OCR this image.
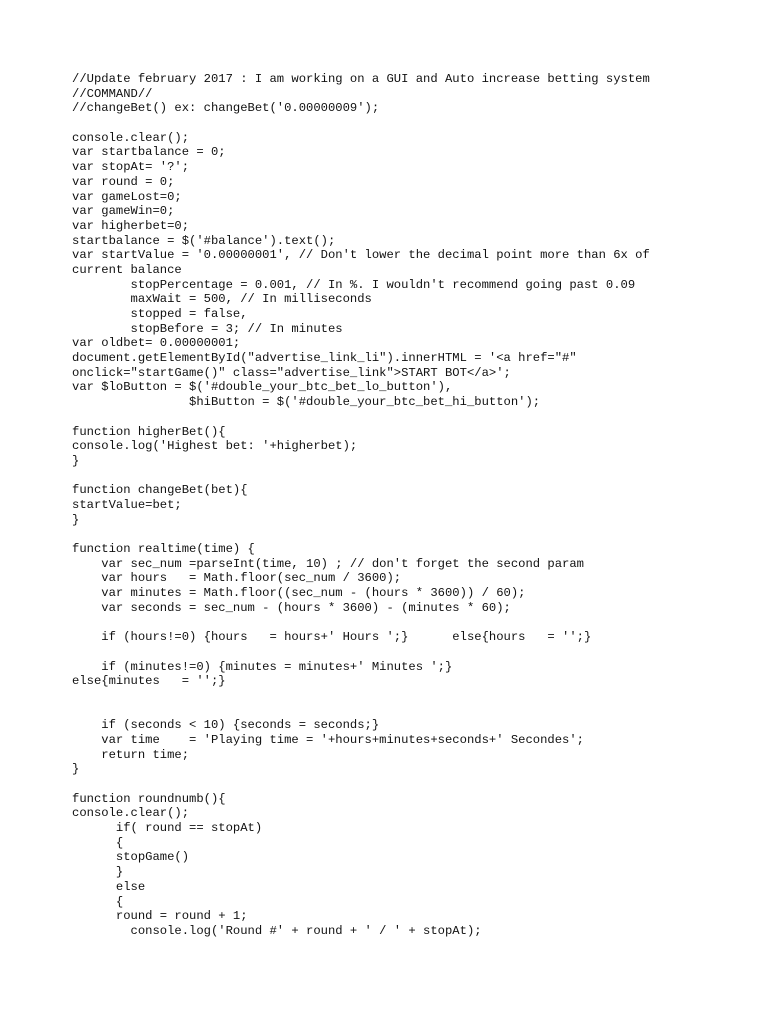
//Update february 2017 : I am working on a GUI and Auto increase betting system
//COMMAND//
//changeBet() ex: changeBet('0.00000009');
console.clear();
var startbalance = 0;
var stopAt= '?';
var round = 0;
var gameLost=0;
var gameWin=0;
var higherbet=0;
startbalance = $('#balance').text();
var startValue = '0.00000001', // Don't lower the decimal point more than 6x of
current balance
stopPercentage = 0.001, // In %. I wouldn't recommend going past 0.09
maxWait = 500, // In milliseconds
stopped = false,
stopBefore = 3; // In minutes
var oldbet= 0.00000001;
document.getElementById("advertise_link_li").innerHTML = '<a href="#"
onclick="startGame()" class="advertise_link">START BOT</a>';
var $loButton = $('#double_your_btc_bet_lo_button'),
$hiButton = $('#double_your_btc_bet_hi_button');
function higherBet(){
console.log('Highest bet: '+higherbet);
}
function changeBet(bet){
startValue=bet;
}
function realtime(time) {
var sec_num =parseInt(time, 10) ; // don't forget the second param
var hours   = Math.floor(sec_num / 3600);
var minutes = Math.floor((sec_num - (hours * 3600)) / 60);
var seconds = sec_num - (hours * 3600) - (minutes * 60);
if (hours!=0) {hours   = hours+' Hours ';}      else{hours   = '';}
if (minutes!=0) {minutes = minutes+' Minutes ';}
else{minutes   = '';}
if (seconds < 10) {seconds = seconds;}
var time    = 'Playing time = '+hours+minutes+seconds+' Secondes';
return time;
}
function roundnumb(){
console.clear();
if( round == stopAt)
{
stopGame()
}
else
{
round = round + 1;
console.log('Round #' + round + ' / ' + stopAt);
